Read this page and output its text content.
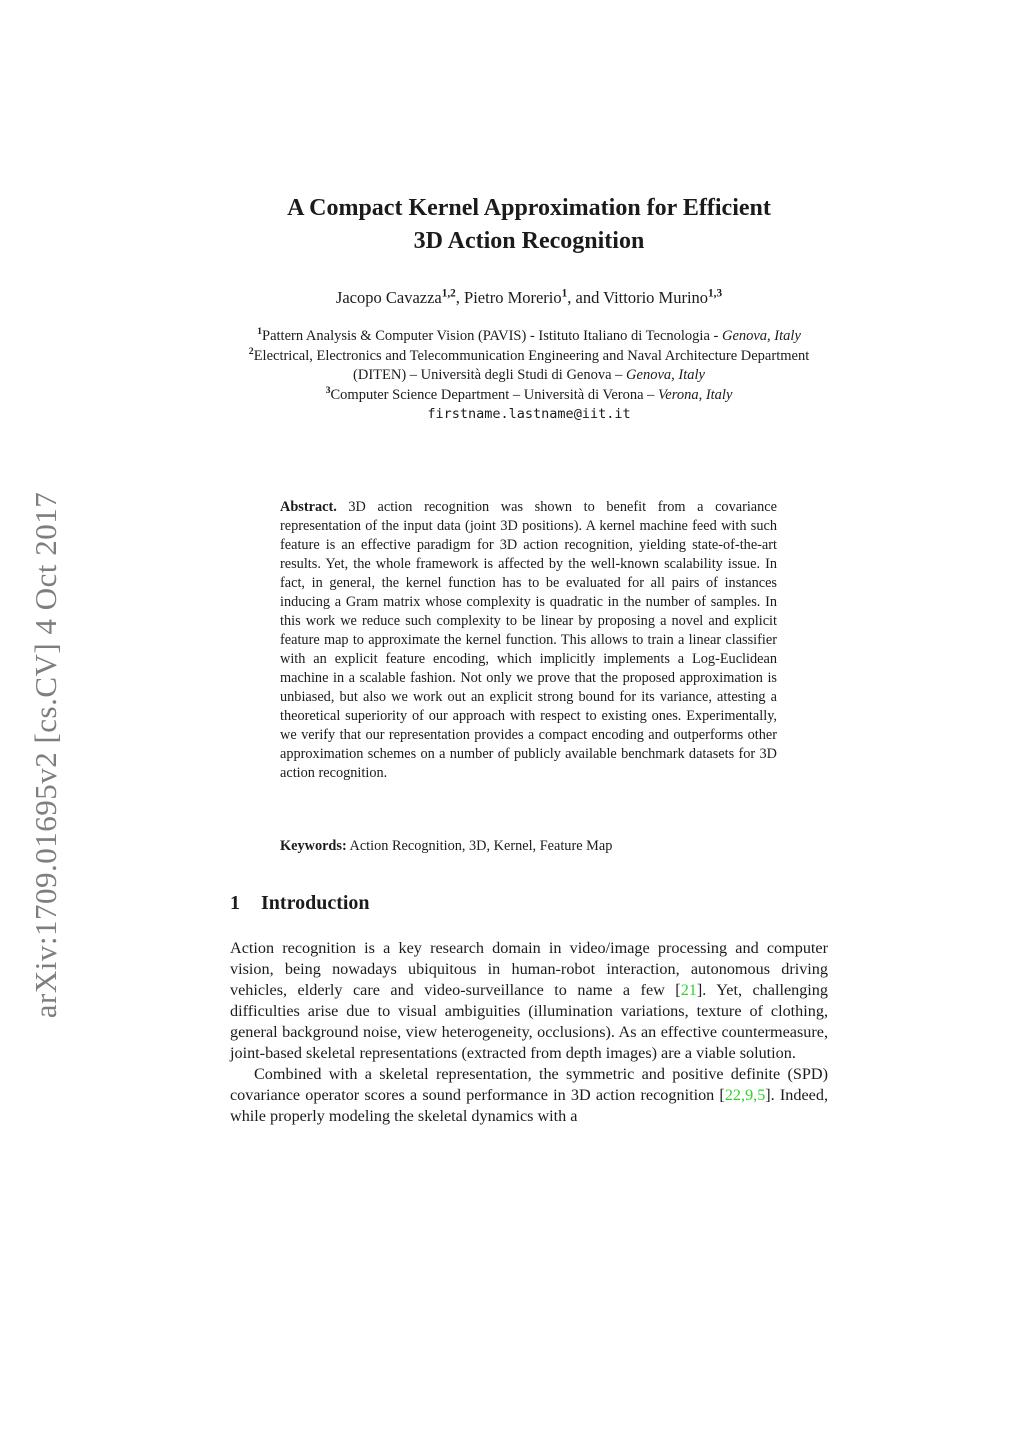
arXiv:1709.01695v2 [cs.CV] 4 Oct 2017
A Compact Kernel Approximation for Efficient
3D Action Recognition
Jacopo Cavazza$^{1,2}$, Pietro Morerio$^1$, and Vittorio Murino$^{1,3}$
$^1$Pattern Analysis & Computer Vision (PAVIS) - Istituto Italiano di Tecnologia - Genova, Italy
$^2$Electrical, Electronics and Telecommunication Engineering and Naval Architecture Department (DITEN) – Università degli Studi di Genova – Genova, Italy
$^3$Computer Science Department – Università di Verona – Verona, Italy
firstname.lastname@iit.it
Abstract. 3D action recognition was shown to benefit from a covariance representation of the input data (joint 3D positions). A kernel machine feed with such feature is an effective paradigm for 3D action recognition, yielding state-of-the-art results. Yet, the whole framework is affected by the well-known scalability issue. In fact, in general, the kernel function has to be evaluated for all pairs of instances inducing a Gram matrix whose complexity is quadratic in the number of samples. In this work we reduce such complexity to be linear by proposing a novel and explicit feature map to approximate the kernel function. This allows to train a linear classifier with an explicit feature encoding, which implicitly implements a Log-Euclidean machine in a scalable fashion. Not only we prove that the proposed approximation is unbiased, but also we work out an explicit strong bound for its variance, attesting a theoretical superiority of our approach with respect to existing ones. Experimentally, we verify that our representation provides a compact encoding and outperforms other approximation schemes on a number of publicly available benchmark datasets for 3D action recognition.
Keywords: Action Recognition, 3D, Kernel, Feature Map
1 Introduction
Action recognition is a key research domain in video/image processing and computer vision, being nowadays ubiquitous in human-robot interaction, autonomous driving vehicles, elderly care and video-surveillance to name a few [21]. Yet, challenging difficulties arise due to visual ambiguities (illumination variations, texture of clothing, general background noise, view heterogeneity, occlusions). As an effective countermeasure, joint-based skeletal representations (extracted from depth images) are a viable solution.
Combined with a skeletal representation, the symmetric and positive definite (SPD) covariance operator scores a sound performance in 3D action recognition [22,9,5]. Indeed, while properly modeling the skeletal dynamics with a
